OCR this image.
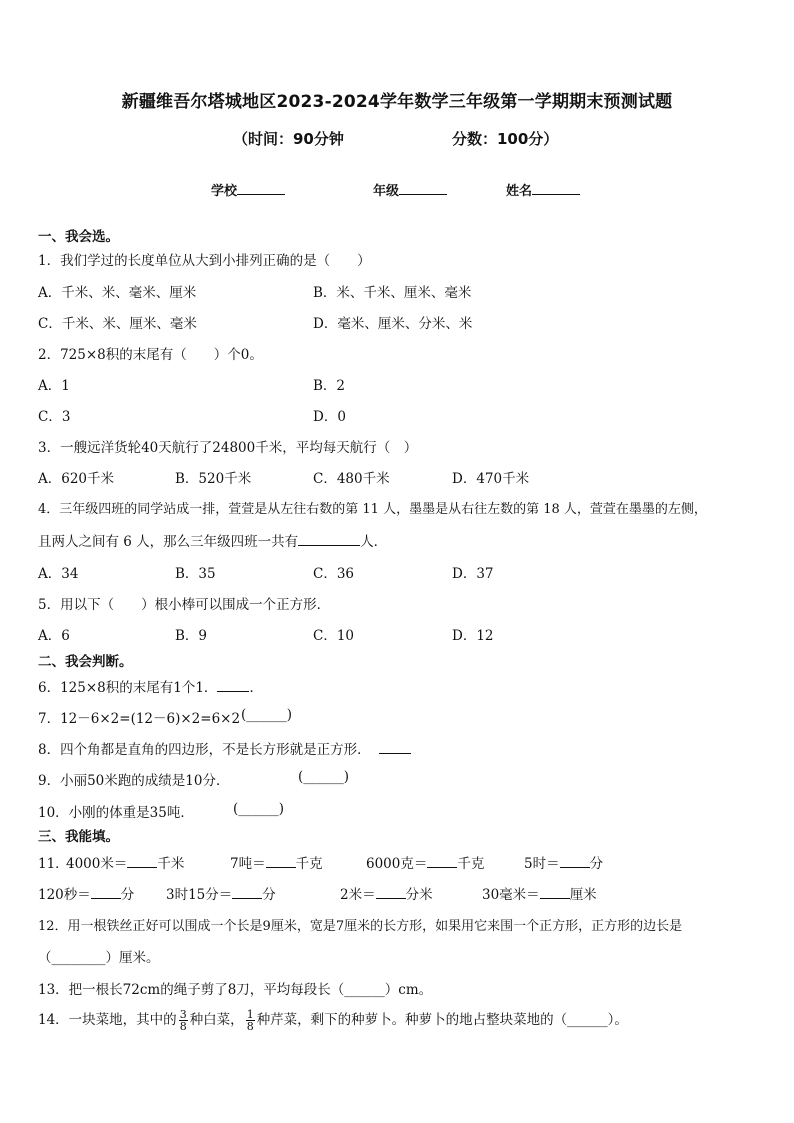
新疆维吾尔塔城地区2023-2024学年数学三年级第一学期期末预测试题
（时间：90分钟	分数：100分）
学校	年级	姓名
一、我会选。
1．我们学过的长度单位从大到小排列正确的是（　　）
A．千米、米、毫米、厘米	B．米、千米、厘米、毫米
C．千米、米、厘米、毫米	D．毫米、厘米、分米、米
2．725×8积的末尾有（　　）个0。
A．1	B．2
C．3	D．0
3．一艘远洋货轮40天航行了24800千米，平均每天航行（　）
A．620千米	B．520千米	C．480千米	D．470千米
4．三年级四班的同学站成一排，萱萱是从左往右数的第 11 人，墨墨是从右往左数的第 18 人，萱萱在墨墨的左侧，
且两人之间有 6 人，那么三年级四班一共有	人．
A．34	B．35	C．36	D．37
5．用以下（　　）根小棒可以围成一个正方形．
A．6	B．9	C．10	D．12
二、我会判断。
6．125×8积的末尾有1个1． ．
7．12－6×2=(12－6)×2=6×2 (______)
8．四个角都是直角的四边形，不是长方形就是正方形．
9．小丽50米跑的成绩是10分．	(______)
10．小刚的体重是35吨．	(______)
三、我能填。
11．
4000米＝ 千米	7吨＝ 千克	6000克＝ 千克	5时＝ 分
120秒＝ 分 3时15分＝ 分	2米＝ 分米	30毫米＝ 厘米
12．用一根铁丝正好可以围成一个长是9厘米，宽是7厘米的长方形，如果用它来围一个正方形，正方形的边长是
（________）厘米。
13．把一根长72cm的绳子剪了8刀，平均每段长（______）cm。
14．一块菜地，其中的 $\frac{3}{8}$ 种白菜， $\frac{1}{8}$ 种芹菜，剩下的种萝卜。种萝卜的地占整块菜地的（______）。
